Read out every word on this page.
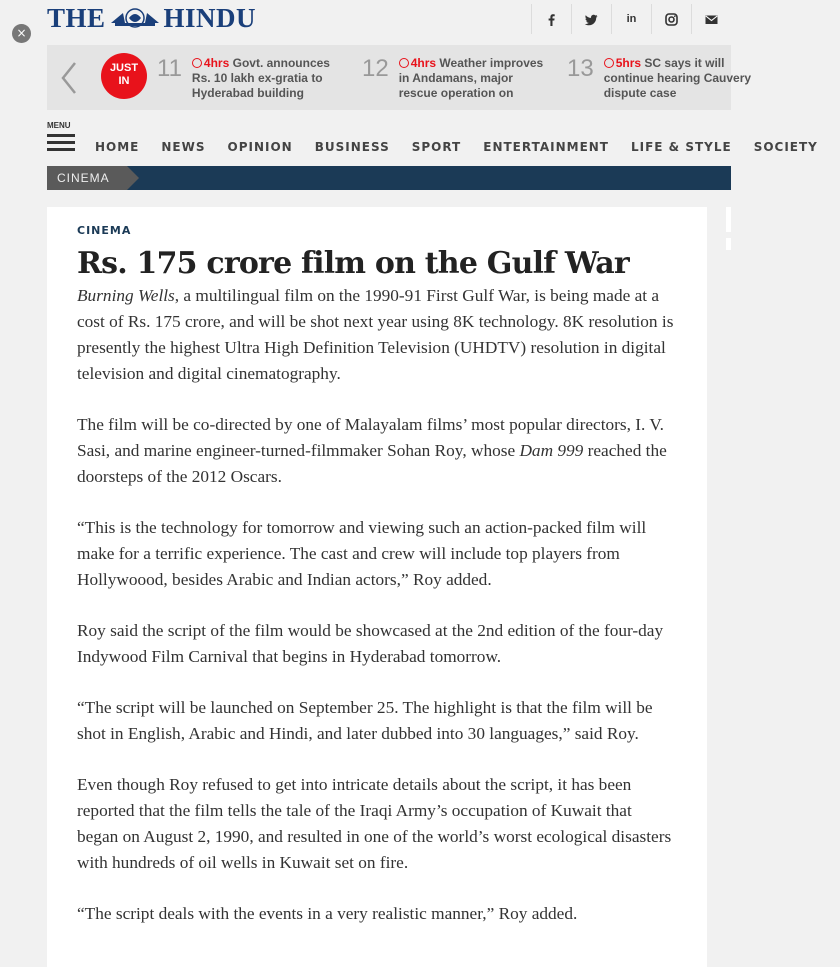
THE HINDU	in
×
JUST
IN	11	4hrs Govt. announces
Rs. 10 lakh ex-gratia to
Hyderabad building
12	4hrs Weather improves
in Andamans, major
rescue operation on
13	5hrs SC says it will
continue hearing Cauvery
dispute case
MENU
HOME NEWS OPINION BUSINESS SPORT ENTERTAINMENT LIFE & STYLE SOCIETY
CINEMA
CINEMA
Rs. 175 crore film on the Gulf War

Burning Wells, a multilingual film on the 1990-91 First Gulf War, is being made at a cost of Rs. 175 crore, and will be shot next year using 8K technology. 8K resolution is presently the highest Ultra High Definition Television (UHDTV) resolution in digital television and digital cinematography.

The film will be co-directed by one of Malayalam films’ most popular directors, I. V. Sasi, and marine engineer-turned-filmmaker Sohan Roy, whose Dam 999 reached the doorsteps of the 2012 Oscars.

“This is the technology for tomorrow and viewing such an action-packed film will make for a terrific experience. The cast and crew will include top players from Hollywoood, besides Arabic and Indian actors,” Roy added.

Roy said the script of the film would be showcased at the 2nd edition of the four-day Indywood Film Carnival that begins in Hyderabad tomorrow.

“The script will be launched on September 25. The highlight is that the film will be shot in English, Arabic and Hindi, and later dubbed into 30 languages,” said Roy.

Even though Roy refused to get into intricate details about the script, it has been reported that the film tells the tale of the Iraqi Army’s occupation of Kuwait that began on August 2, 1990, and resulted in one of the world’s worst ecological disasters with hundreds of oil wells in Kuwait set on fire.

“The script deals with the events in a very realistic manner,” Roy added.
